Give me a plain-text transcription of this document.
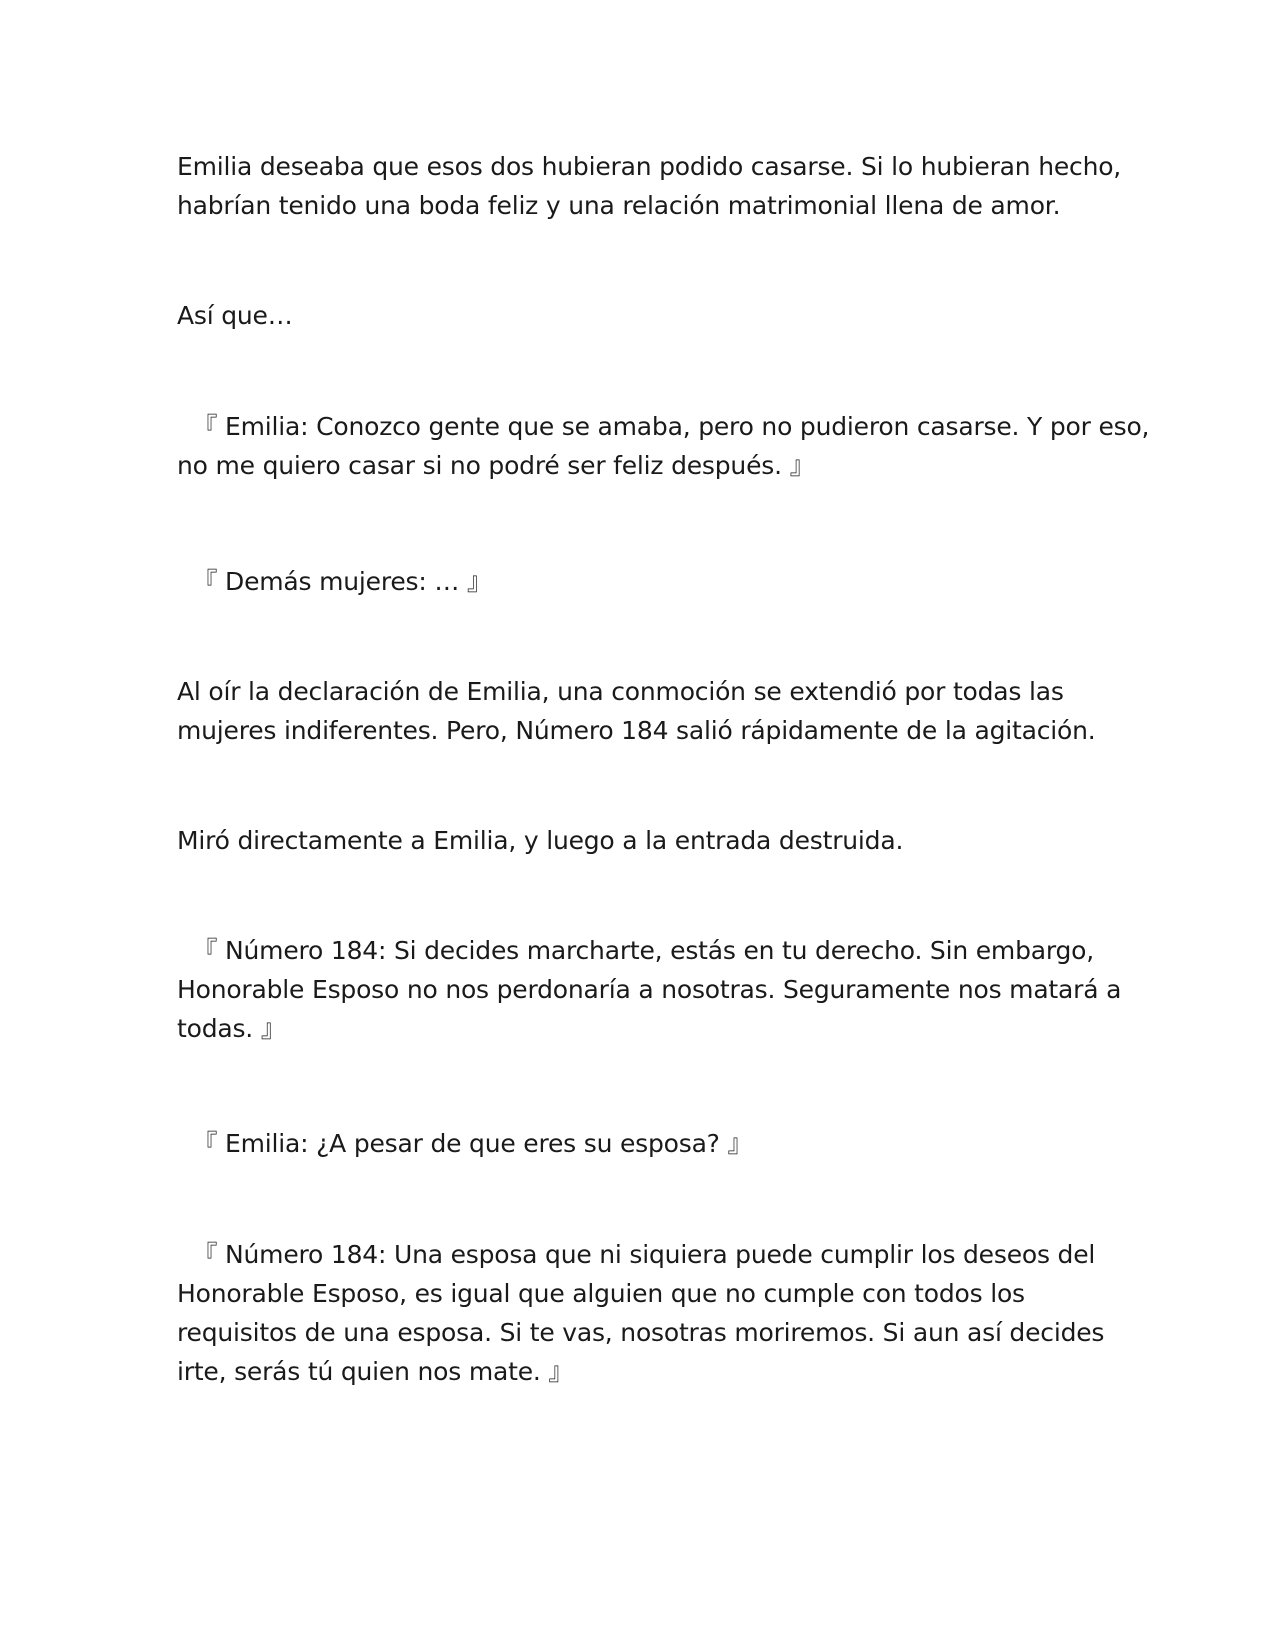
Emilia deseaba que esos dos hubieran podido casarse. Si lo hubieran hecho,
habrían tenido una boda feliz y una relación matrimonial llena de amor.

Así que…

『 Emilia: Conozco gente que se amaba, pero no pudieron casarse. Y por eso,
no me quiero casar si no podré ser feliz después. 』

『 Demás mujeres: … 』

Al oír la declaración de Emilia, una conmoción se extendió por todas las
mujeres indiferentes. Pero, Número 184 salió rápidamente de la agitación.

Miró directamente a Emilia, y luego a la entrada destruida.

『 Número 184: Si decides marcharte, estás en tu derecho. Sin embargo,
Honorable Esposo no nos perdonaría a nosotras. Seguramente nos matará a
todas. 』

『 Emilia: ¿A pesar de que eres su esposa? 』

『 Número 184: Una esposa que ni siquiera puede cumplir los deseos del
Honorable Esposo, es igual que alguien que no cumple con todos los
requisitos de una esposa. Si te vas, nosotras moriremos. Si aun así decides
irte, serás tú quien nos mate. 』
